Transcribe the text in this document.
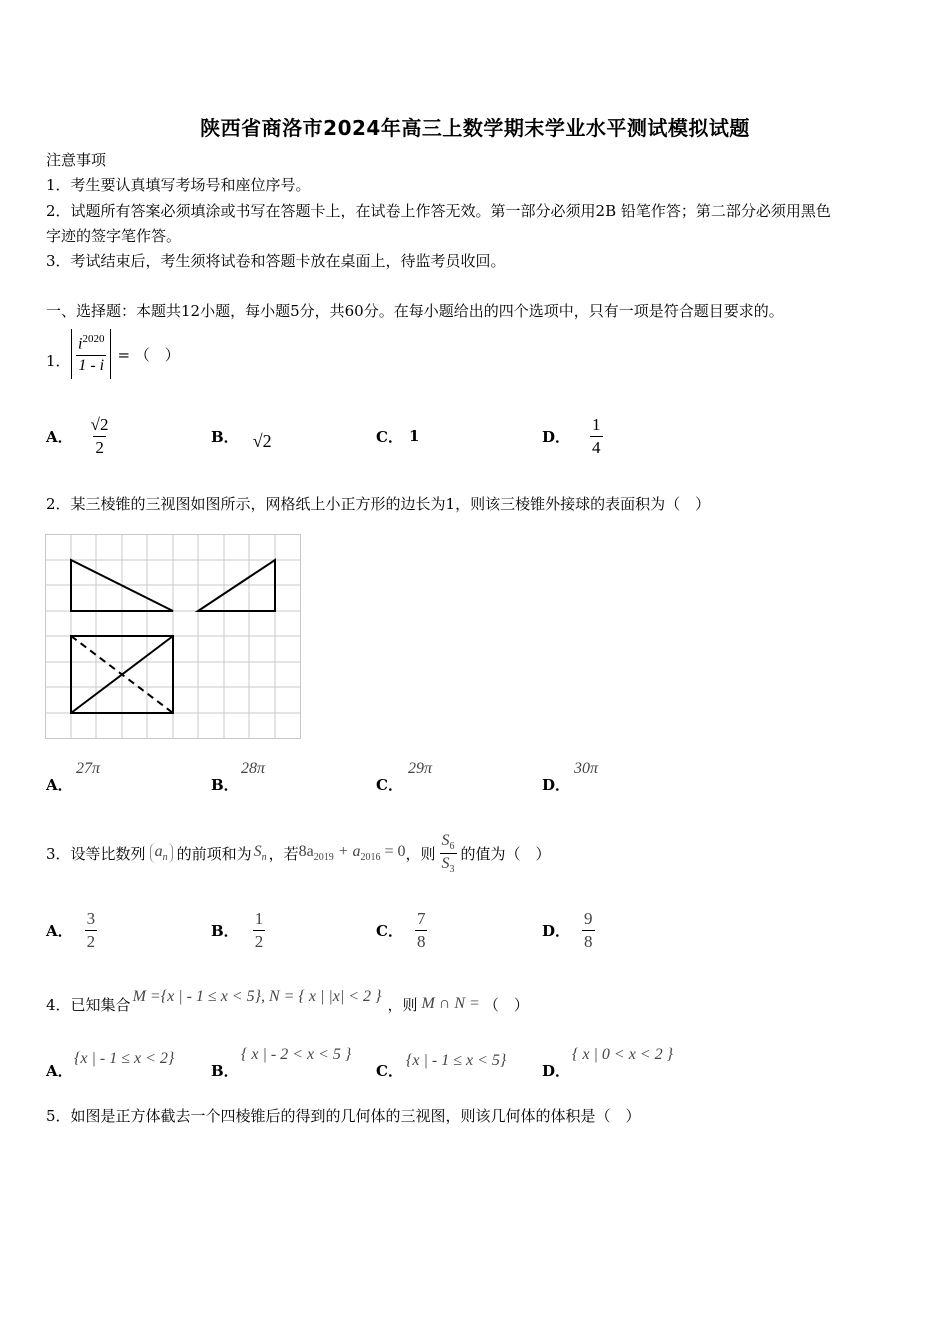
陕西省商洛市2024年高三上数学期末学业水平测试模拟试题
注意事项
1．考生要认真填写考场号和座位序号。
2．试题所有答案必须填涂或书写在答题卡上，在试卷上作答无效。第一部分必须用2B 铅笔作答；第二部分必须用黑色
字迹的签字笔作答。
3．考试结束后，考生须将试卷和答题卡放在桌面上，待监考员收回。
一、选择题：本题共12小题，每小题5分，共60分。在每小题给出的四个选项中，只有一项是符合题目要求的。
1． $\frac{i^{2020}}{1 - i}$ = （　）
A． $\frac{√2}{2}$	B． √2	C． 1	D． $\frac{1}{4}$
2．某三棱锥的三视图如图所示，网格纸上小正方形的边长为1，则该三棱锥外接球的表面积为（　）
A．
27π
B．
28π
C．
29π
D．
30π
3． 设等比数列 $a_n$ 的前项和为 $S_n$ ，若 $8a_{2019} + a_{2016} = 0$ ，则 $\frac{S_6}{S_3}$ 的值为（　）
A． $\frac{3}{2}$	B． $\frac{1}{2}$	C． $\frac{7}{8}$	D． $\frac{9}{8}$
4． 已知集合 M ={x | - 1 ≤ x < 5}, N = { x | |x| < 2 } ，则 M ∩ N = （　）
A．
{x | - 1 ≤ x < 2}
B．
{ x | - 2 < x < 5 }
C．
{x | - 1 ≤ x < 5}
D．
{ x | 0 < x < 2 }
5．如图是正方体截去一个四棱锥后的得到的几何体的三视图，则该几何体的体积是（　）
